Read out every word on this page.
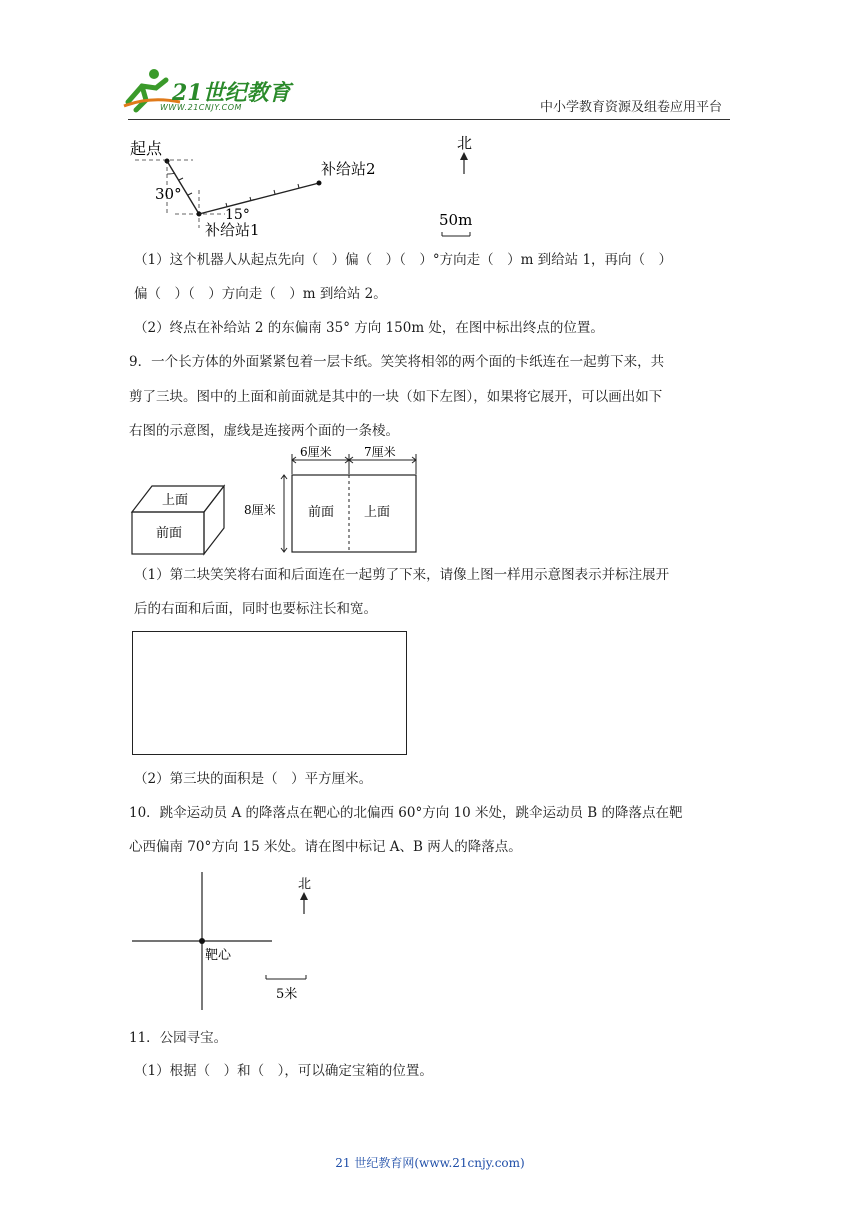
21世纪教育
WWW.21CNJY.COM	中小学教育资源及组卷应用平台
起点
30°
15°
补给站1
补给站2
北
50m
（1）这个机器人从起点先向（　）偏（　）（　）°方向走（　）m 到给站 1，再向（　）
偏（　）（　）方向走（　）m 到给站 2。
（2）终点在补给站 2 的东偏南 35° 方向 150m 处，在图中标出终点的位置。
9．一个长方体的外面紧紧包着一层卡纸。笑笑将相邻的两个面的卡纸连在一起剪下来，共
剪了三块。图中的上面和前面就是其中的一块（如下左图），如果将它展开，可以画出如下
右图的示意图，虚线是连接两个面的一条棱。
上面
前面
6厘米	7厘米
8厘米 前面 上面
（1）第二块笑笑将右面和后面连在一起剪了下来，请像上图一样用示意图表示并标注展开
后的右面和后面，同时也要标注长和宽。
（2）第三块的面积是（　）平方厘米。
10．跳伞运动员 A 的降落点在靶心的北偏西 60°方向 10 米处，跳伞运动员 B 的降落点在靶
心西偏南 70°方向 15 米处。请在图中标记 A、B 两人的降落点。
靶心
北
5米
11．公园寻宝。
（1）根据（　）和（　），可以确定宝箱的位置。
21 世纪教育网(www.21cnjy.com)
